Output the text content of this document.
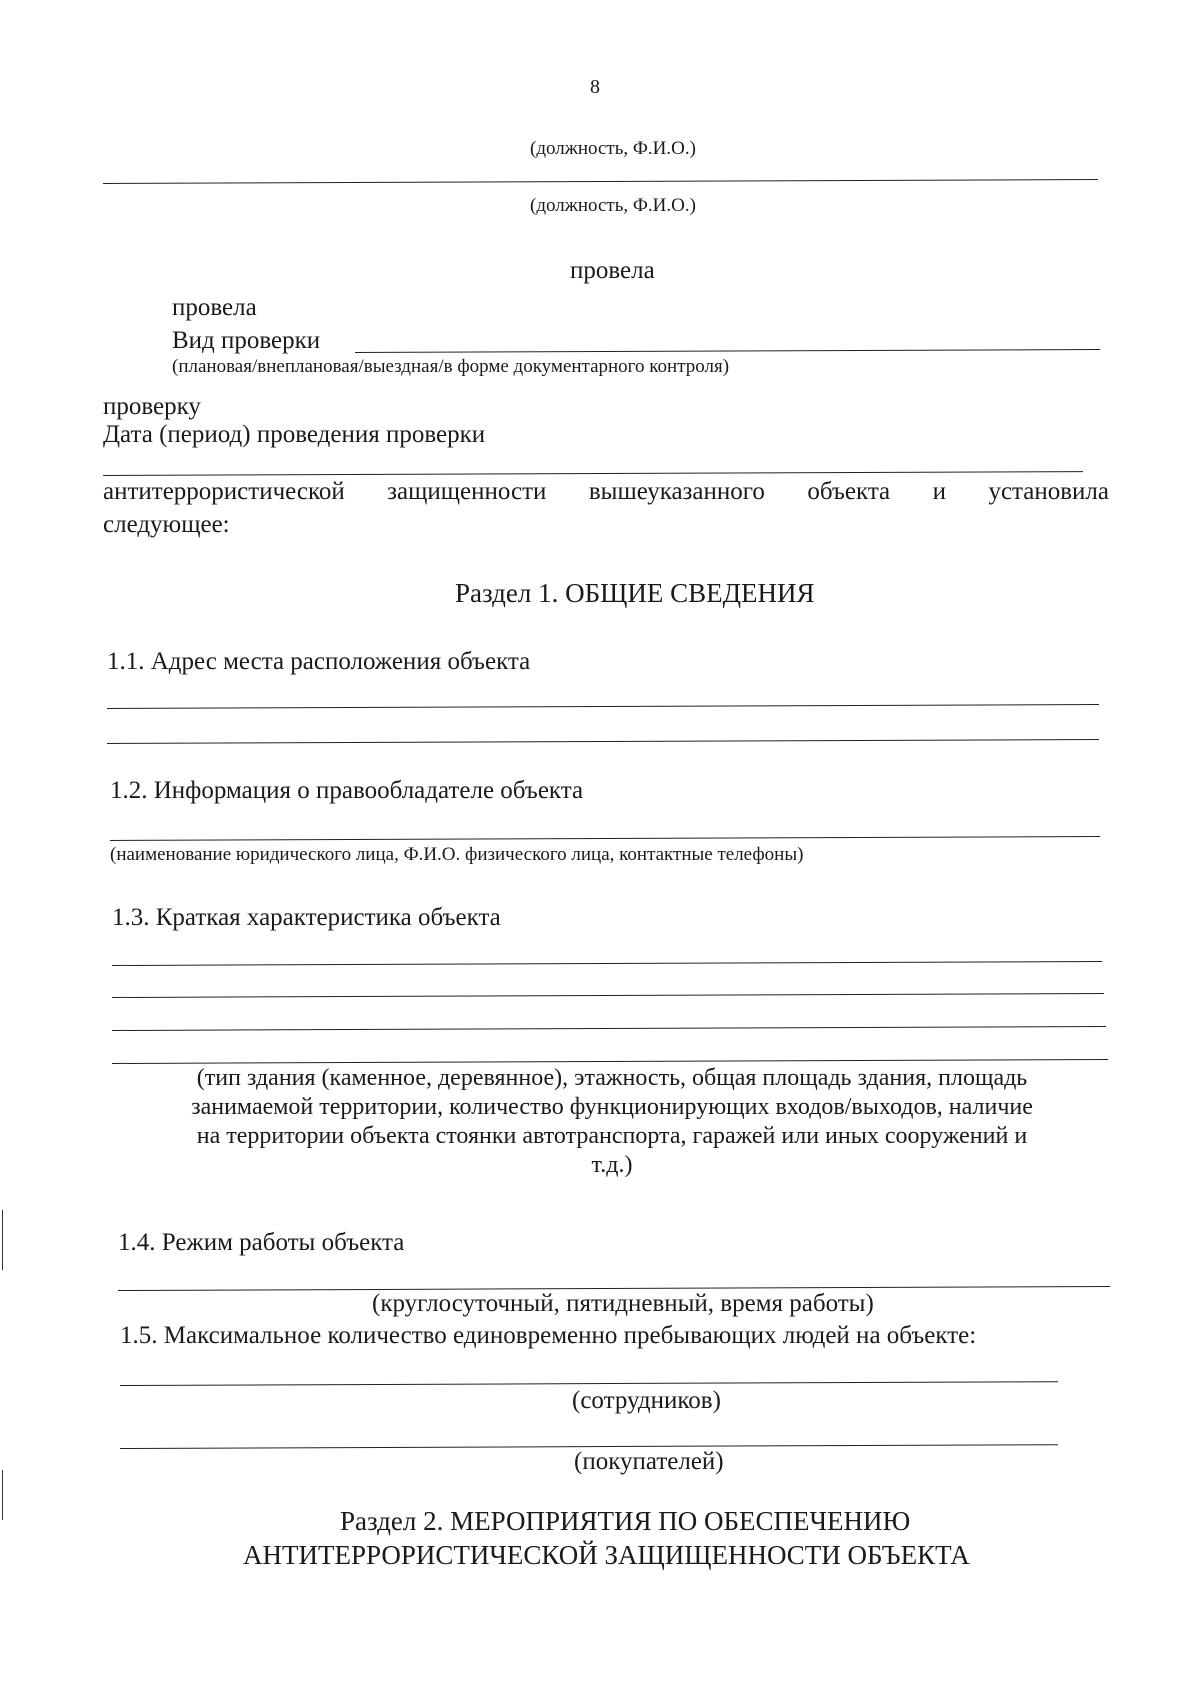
8
(должность, Ф.И.О.)
(должность, Ф.И.О.)
провела
провела
Вид проверки
(плановая/внеплановая/выездная/в форме документарного контроля)
проверку
Дата (период) проведения проверки
антитеррористической защищенности вышеуказанного объекта и установила
следующее:
Раздел 1. ОБЩИЕ СВЕДЕНИЯ
1.1. Адрес места расположения объекта
1.2. Информация о правообладателе объекта
(наименование юридического лица, Ф.И.О. физического лица, контактные телефоны)
1.3. Краткая характеристика объекта
(тип здания (каменное, деревянное), этажность, общая площадь здания, площадь
занимаемой территории, количество функционирующих входов/выходов, наличие
на территории объекта стоянки автотранспорта, гаражей или иных сооружений и
т.д.)
1.4. Режим работы объекта
(круглосуточный, пятидневный, время работы)
1.5. Максимальное количество единовременно пребывающих людей на объекте:
(сотрудников)
(покупателей)
Раздел 2. МЕРОПРИЯТИЯ ПО ОБЕСПЕЧЕНИЮ
АНТИТЕРРОРИСТИЧЕСКОЙ ЗАЩИЩЕННОСТИ ОБЪЕКТА
